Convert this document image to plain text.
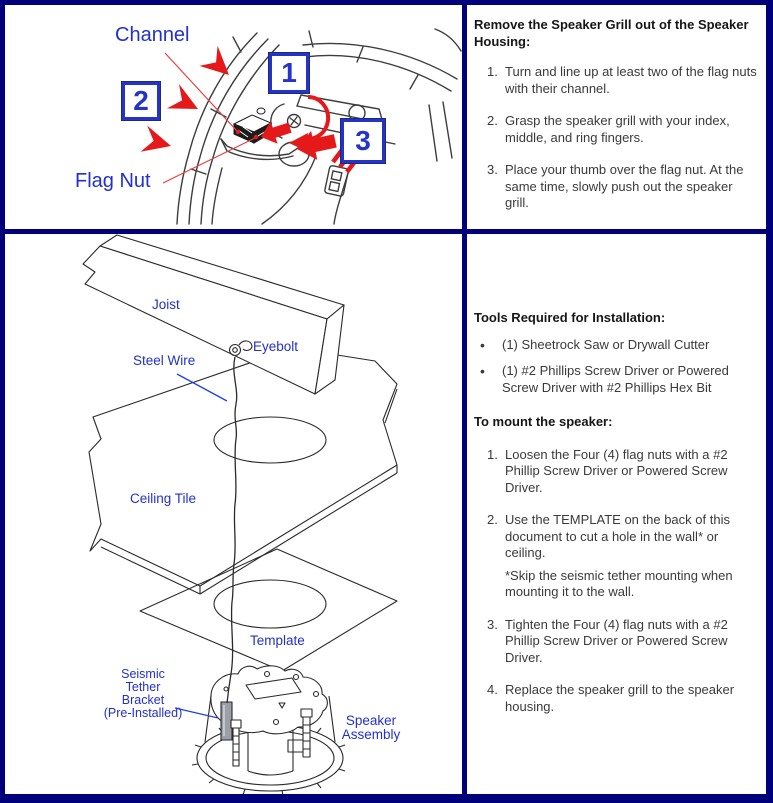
Channel
Flag Nut
1
2
3
Remove the Speaker Grill out of the Speaker Housing:
1. Turn and line up at least two of the flag nuts with their channel.
2. Grasp the speaker grill with your index, middle, and ring fingers.
3. Place your thumb over the flag nut. At the same time, slowly push out the speaker grill.
Joist
Eyebolt
Steel Wire
Ceiling Tile
Template
Seismic
Tether
Bracket
(Pre-Installed)	Speaker
Assembly
Tools Required for Installation:
•	(1) Sheetrock Saw or Drywall Cutter
•	(1) #2 Phillips Screw Driver or Powered Screw Driver with #2 Phillips Hex Bit
To mount the speaker:
1. Loosen the Four (4) flag nuts with a #2 Phillip Screw Driver or Powered Screw Driver.
2. Use the TEMPLATE on the back of this document to cut a hole in the wall* or ceiling.
*Skip the seismic tether mounting when mounting it to the wall.
3. Tighten the Four (4) flag nuts with a #2 Phillip Screw Driver or Powered Screw Driver.
4. Replace the speaker grill to the speaker housing.
